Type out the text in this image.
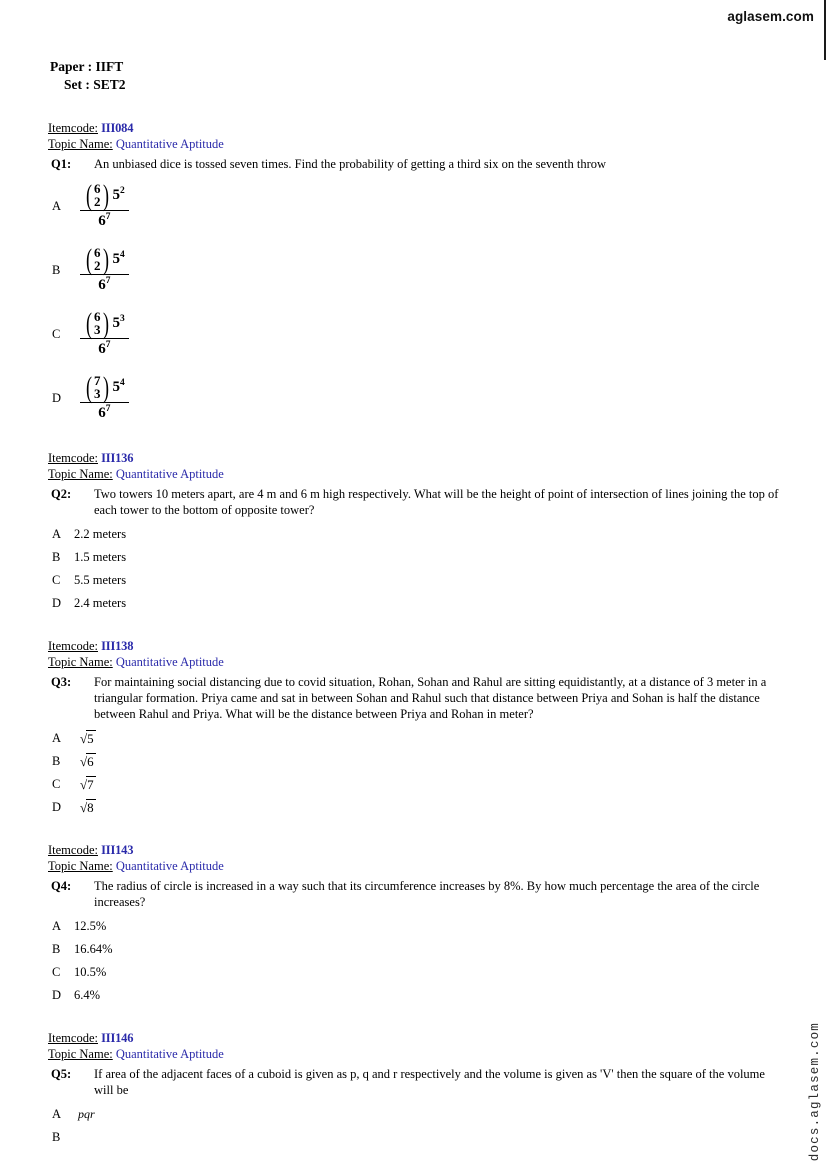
aglasem.com
docs.aglasem.com
Paper : IIFT
Set : SET2
Itemcode: III084
Topic Name: Quantitative Aptitude
Q1:	An unbiased dice is tossed seven times. Find the probability of getting a third six on the seventh throw
A ( 6
2 ) $5^2$
$6^7$
B ( 6
2 ) $5^4$
$6^7$
C ( 6
3 ) $5^3$
$6^7$
D ( 7
3 ) $5^4$
$6^7$
Itemcode: III136
Topic Name: Quantitative Aptitude
Q2:	Two towers 10 meters apart, are 4 m and 6 m high respectively. What will be the height of point of intersection of lines joining the top of each tower to the bottom of opposite tower?
A	2.2 meters
B	1.5 meters
C	5.5 meters
D	2.4 meters
Itemcode: III138
Topic Name: Quantitative Aptitude
Q3:	For maintaining social distancing due to covid situation, Rohan, Sohan and Rahul are sitting equidistantly, at a distance of 3 meter in a triangular formation. Priya came and sat in between Sohan and Rahul such that distance between Priya and Sohan is half the distance between Rahul and Priya. What will be the distance between Priya and Rohan in meter?
A	√5
B	√6
C	√7
D	√8
Itemcode: III143
Topic Name: Quantitative Aptitude
Q4:	The radius of circle is increased in a way such that its circumference increases by 8%. By how much percentage the area of the circle increases?
A	12.5%
B	16.64%
C	10.5%
D	6.4%
Itemcode: III146
Topic Name: Quantitative Aptitude
Q5:	If area of the adjacent faces of a cuboid is given as p, q and r respectively and the volume is given as 'V' then the square of the volume will be
A	pqr
B
